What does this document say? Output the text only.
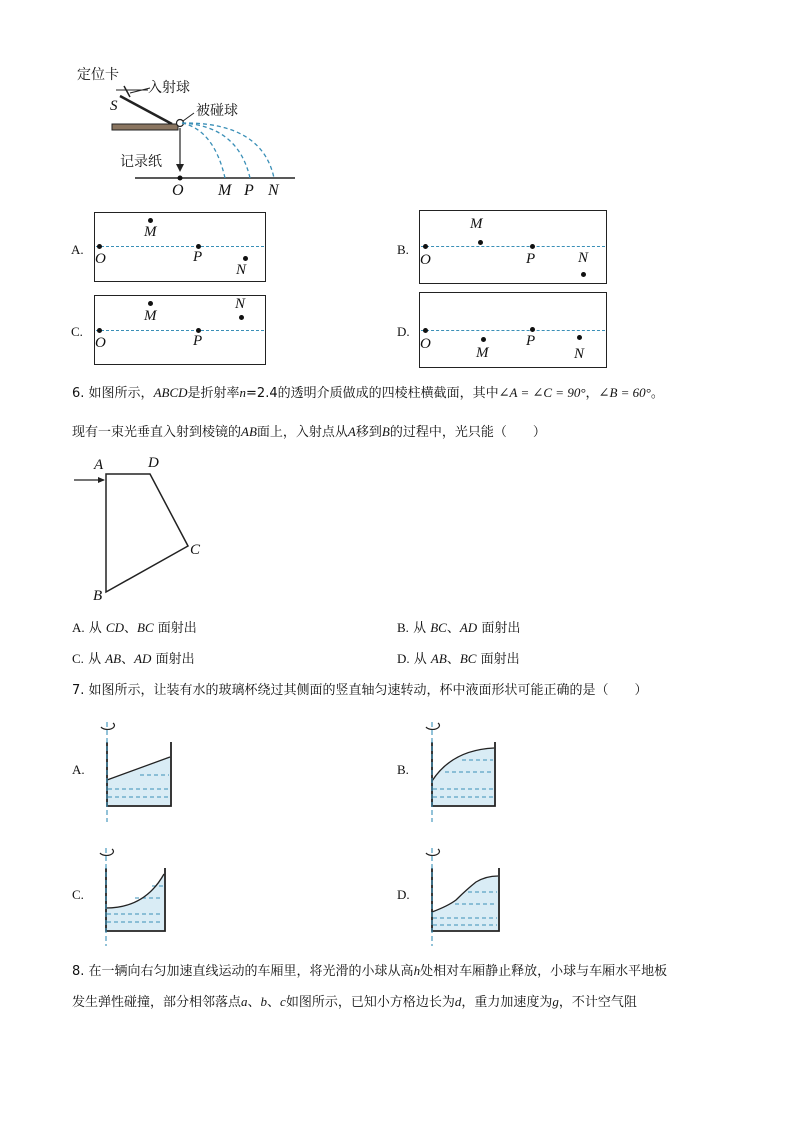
定位卡
入射球
被碰球
记录纸
S
O M P N
A.
O
M
P
N
B.
O
M
P	N
C.
O
M
P
N
D.
O
M
P
N
6. 如图所示，ABCD是折射率n=2.4的透明介质做成的四棱柱横截面，其中∠A = ∠C = 90°，∠B = 60°。
现有一束光垂直入射到棱镜的AB面上，入射点从A移到B的过程中，光只能（　　）
A	D
C
B
A. 从 CD、BC 面射出	B. 从 BC、AD 面射出
C. 从 AB、AD 面射出	D. 从 AB、BC 面射出
7. 如图所示，让装有水的玻璃杯绕过其侧面的竖直轴匀速转动，杯中液面形状可能正确的是（　　）
A.	B.
C.	D.
8. 在一辆向右匀加速直线运动的车厢里，将光滑的小球从高h处相对车厢静止释放，小球与车厢水平地板
发生弹性碰撞，部分相邻落点a、b、c如图所示，已知小方格边长为d，重力加速度为g，不计空气阻
